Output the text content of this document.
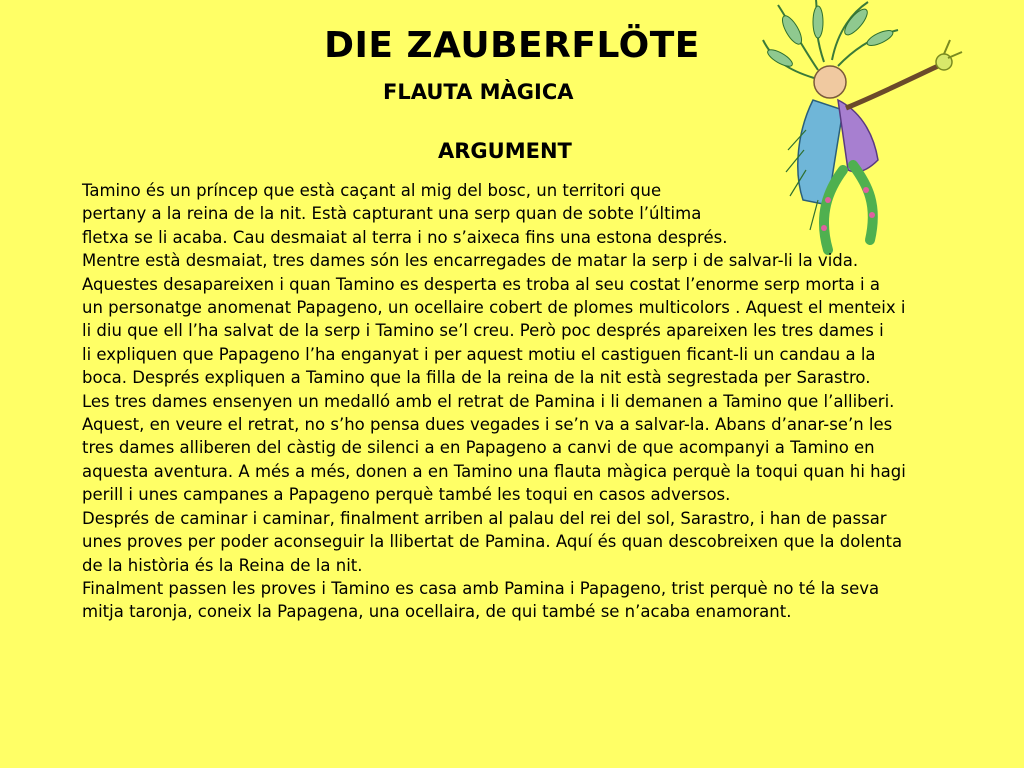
DIE ZAUBERFLÖTE
FLAUTA MÀGICA
ARGUMENT
Tamino és un príncep que està caçant al mig del bosc, un territori que
pertany a la reina de la nit. Està capturant una serp quan de sobte l’última
fletxa se li acaba. Cau desmaiat al terra i no s’aixeca fins una estona després.
Mentre està desmaiat, tres dames són les encarregades de matar la serp i de salvar-li la vida.
Aquestes desapareixen i quan Tamino es desperta es troba al seu costat l’enorme serp morta i a
un personatge anomenat Papageno, un ocellaire cobert de plomes multicolors . Aquest el menteix i
li diu que ell l’ha salvat de la serp i Tamino se’l creu. Però poc després apareixen les tres dames i
li expliquen que Papageno l’ha enganyat i per aquest motiu el castiguen ficant-li un candau a la
boca. Després expliquen a Tamino que la filla de la reina de la nit està segrestada per Sarastro.
Les tres dames ensenyen un medalló amb el retrat de Pamina i li demanen a Tamino que l’alliberi.
Aquest, en veure el retrat, no s’ho pensa dues vegades i se’n va a salvar-la. Abans d’anar-se’n les
tres dames alliberen del càstig de silenci a en Papageno a canvi de que acompanyi a Tamino en
aquesta aventura. A més a més, donen a en Tamino una flauta màgica perquè la toqui quan hi hagi
perill i unes campanes a Papageno perquè també les toqui en casos adversos.
Després de caminar i caminar, finalment arriben al palau del rei del sol, Sarastro, i han de passar
unes proves per poder aconseguir la llibertat de Pamina. Aquí és quan descobreixen que la dolenta
de la història és la Reina de la nit.
Finalment passen les proves i Tamino es casa amb Pamina i Papageno, trist perquè no té la seva
mitja taronja, coneix la Papagena, una ocellaira, de qui també se n’acaba enamorant.
